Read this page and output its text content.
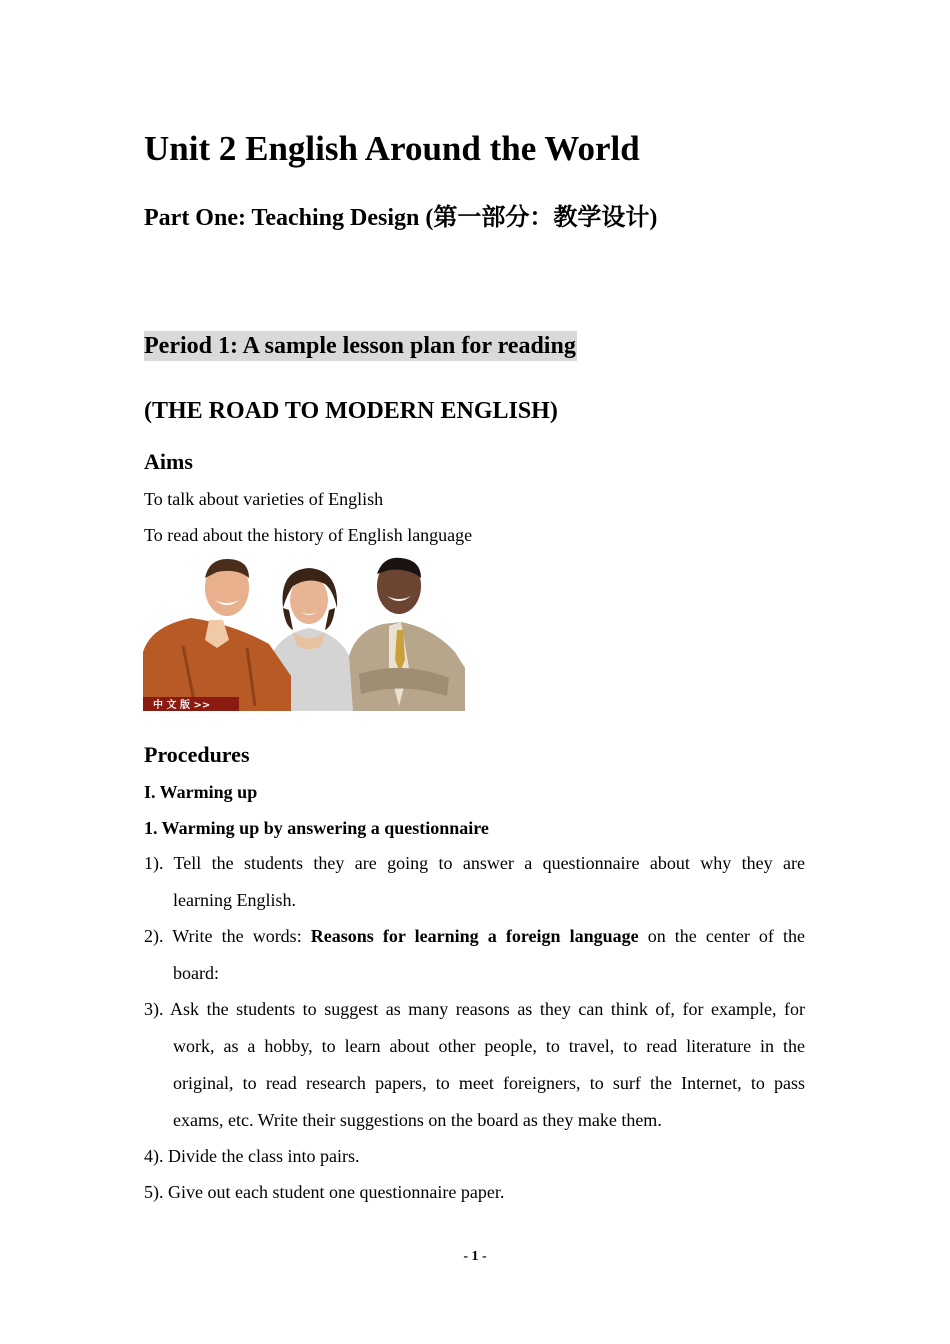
Unit 2 English Around the World
Part One: Teaching Design (第一部分：教学设计)
Period 1: A sample lesson plan for reading
(THE ROAD TO MODERN ENGLISH)
Aims
To talk about varieties of English
To read about the history of English language
中 文 版 >>
Procedures
I. Warming up
1. Warming up by answering a questionnaire
1). Tell the students they are going to answer a questionnaire about why they are
learning English.
2). Write the words: Reasons for learning a foreign language on the center of the
board:
3). Ask the students to suggest as many reasons as they can think of, for example, for
work, as a hobby, to learn about other people, to travel, to read literature in the
original, to read research papers, to meet foreigners, to surf the Internet, to pass
exams, etc. Write their suggestions on the board as they make them.
4). Divide the class into pairs.
5). Give out each student one questionnaire paper.
- 1 -
